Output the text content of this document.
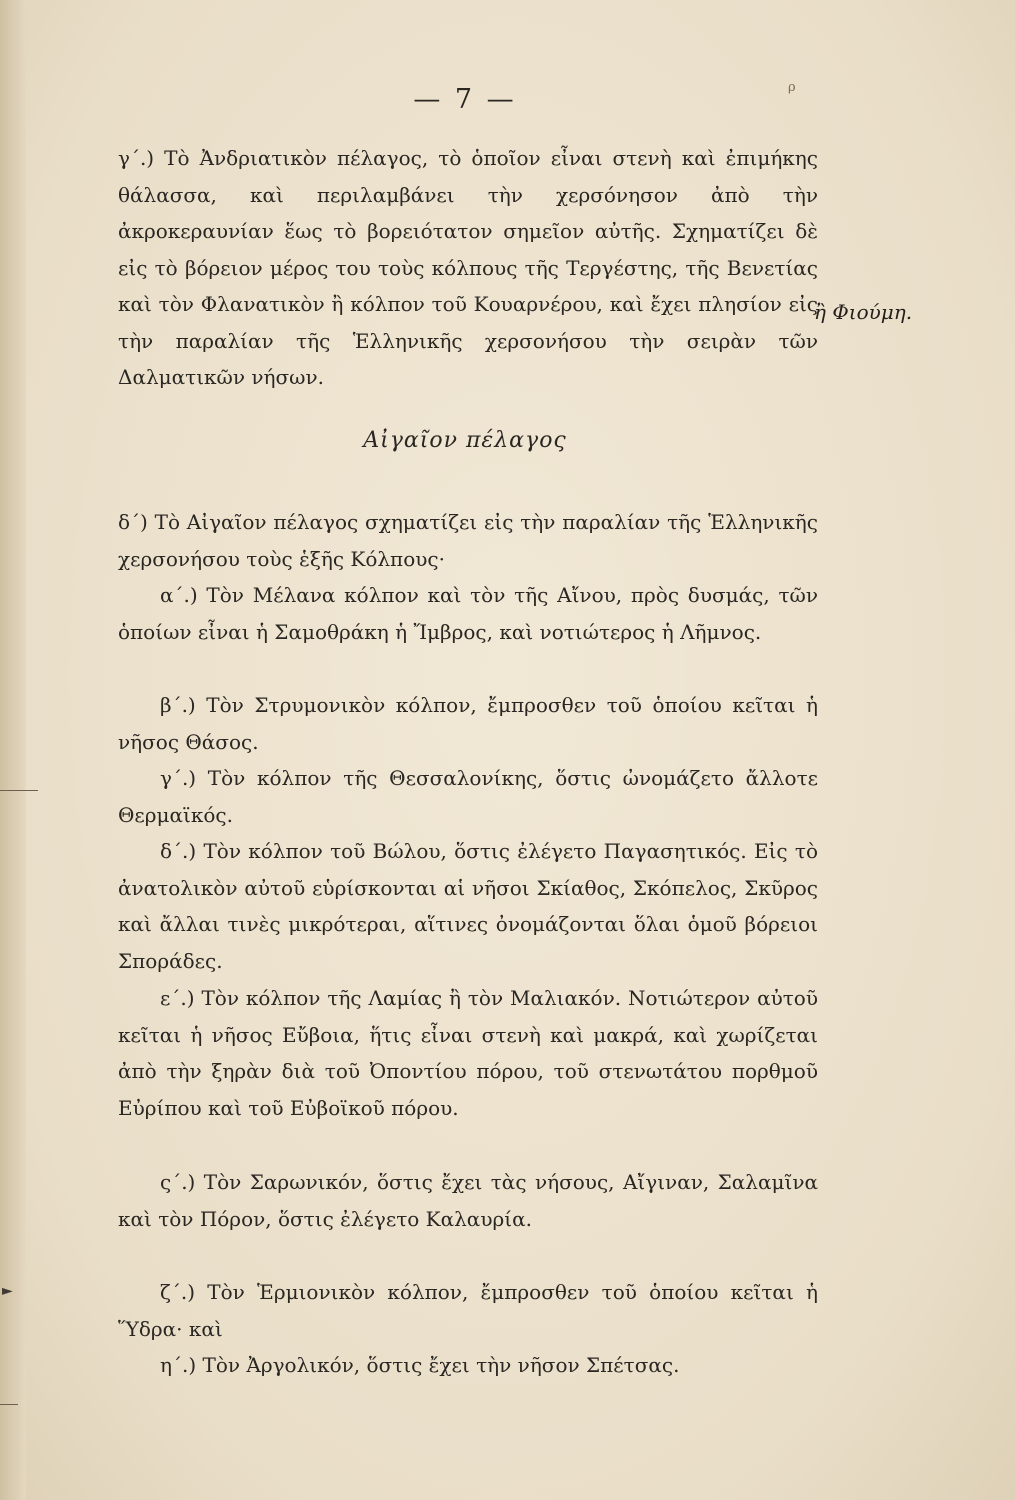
— 7 —	ρ

γ΄.) Τὸ Ἀνδριατικὸν πέλαγος, τὸ ὁποῖον εἶναι στενὴ καὶ ἐπιμήκης θάλασσα, καὶ περιλαμβάνει τὴν χερσόνησον ἀπὸ τὴν ἀκροκεραυνίαν ἕως τὸ βορειότατον σημεῖον αὐτῆς. Σχηματίζει δὲ εἰς τὸ βόρειον μέρος του τοὺς κόλπους τῆς Τεργέστης, τῆς Βενετίας καὶ τὸν Φλανατικὸν ἢ κόλπον τοῦ Κουαρνέρου, καὶ ἔχει πλησίον εἰς τὴν παραλίαν τῆς Ἑλληνικῆς χερσονήσου τὴν σειρὰν τῶν Δαλματικῶν νήσων.

ἢ Φιούμη.
Αἰγαῖον πέλαγος

δ΄) Τὸ Αἰγαῖον πέλαγος σχηματίζει εἰς τὴν παραλίαν τῆς Ἑλληνικῆς χερσονήσου τοὺς ἑξῆς Κόλπους·

α΄.) Τὸν Μέλανα κόλπον καὶ τὸν τῆς Αἴνου, πρὸς δυσμάς, τῶν ὁποίων εἶναι ἡ Σαμοθράκη ἡ Ἴμβρος, καὶ νοτιώτερος ἡ Λῆμνος.

β΄.) Τὸν Στρυμονικὸν κόλπον, ἔμπροσθεν τοῦ ὁποίου κεῖται ἡ νῆσος Θάσος.

γ΄.) Τὸν κόλπον τῆς Θεσσαλονίκης, ὅστις ὠνομάζετο ἄλλοτε Θερμαϊκός.

δ΄.) Τὸν κόλπον τοῦ Βώλου, ὅστις ἐλέγετο Παγασητικός. Εἰς τὸ ἀνατολικὸν αὐτοῦ εὑρίσκονται αἱ νῆσοι Σκίαθος, Σκόπελος, Σκῦρος καὶ ἄλλαι τινὲς μικρότεραι, αἵτινες ὀνομάζονται ὅλαι ὁμοῦ βόρειοι Σποράδες.

ε΄.) Τὸν κόλπον τῆς Λαμίας ἢ τὸν Μαλιακόν. Νοτιώτερον αὐτοῦ κεῖται ἡ νῆσος Εὔβοια, ἥτις εἶναι στενὴ καὶ μακρά, καὶ χωρίζεται ἀπὸ τὴν ξηρὰν διὰ τοῦ Ὀποντίου πόρου, τοῦ στενωτάτου πορθμοῦ Εὐρίπου καὶ τοῦ Εὐβοϊκοῦ πόρου.

ς΄.) Τὸν Σαρωνικόν, ὅστις ἔχει τὰς νήσους, Αἴγιναν, Σαλαμῖνα καὶ τὸν Πόρον, ὅστις ἐλέγετο Καλαυρία.

ζ΄.) Τὸν Ἑρμιονικὸν κόλπον, ἔμπροσθεν τοῦ ὁποίου κεῖται ἡ Ὕδρα· καὶ

η΄.) Τὸν Ἀργολικόν, ὅστις ἔχει τὴν νῆσον Σπέτσας.

►
